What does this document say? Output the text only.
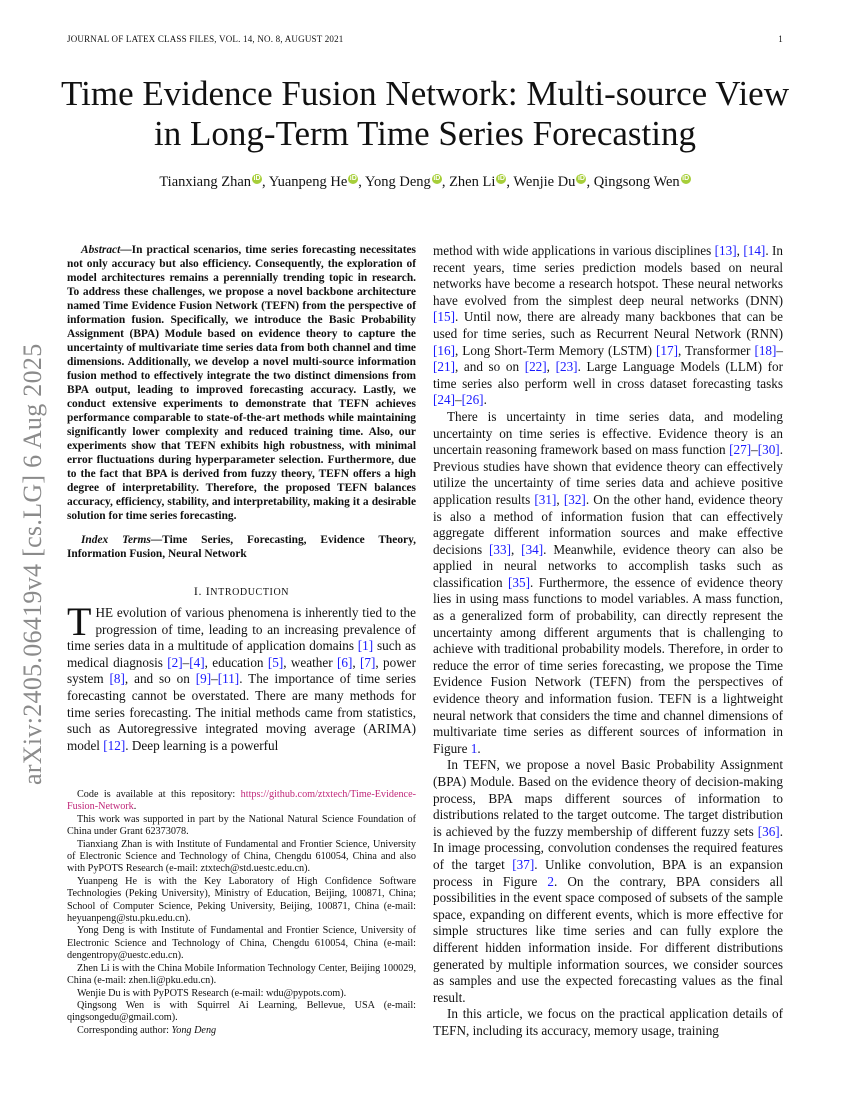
JOURNAL OF LATEX CLASS FILES, VOL. 14, NO. 8, AUGUST 2021	1
Time Evidence Fusion Network: Multi-source View
in Long-Term Time Series Forecasting
Tianxiang Zhan iD , Yuanpeng He iD , Yong Deng iD , Zhen Li iD , Wenjie Du iD , Qingsong Wen iD
arXiv:2405.06419v4 [cs.LG] 6 Aug 2025

Abstract—In practical scenarios, time series forecasting necessitates not only accuracy but also efficiency. Consequently, the exploration of model architectures remains a perennially trending topic in research. To address these challenges, we propose a novel backbone architecture named Time Evidence Fusion Network (TEFN) from the perspective of information fusion. Specifically, we introduce the Basic Probability Assignment (BPA) Module based on evidence theory to capture the uncertainty of multivariate time series data from both channel and time dimensions. Additionally, we develop a novel multi-source information fusion method to effectively integrate the two distinct dimensions from BPA output, leading to improved forecasting accuracy. Lastly, we conduct extensive experiments to demonstrate that TEFN achieves performance comparable to state-of-the-art methods while maintaining significantly lower complexity and reduced training time. Also, our experiments show that TEFN exhibits high robustness, with minimal error fluctuations during hyperparameter selection. Furthermore, due to the fact that BPA is derived from fuzzy theory, TEFN offers a high degree of interpretability. Therefore, the proposed TEFN balances accuracy, efficiency, stability, and interpretability, making it a desirable solution for time series forecasting.

Index Terms—Time Series, Forecasting, Evidence Theory, Information Fusion, Neural Network

I. INTRODUCTION

THE evolution of various phenomena is inherently tied to the progression of time, leading to an increasing prevalence of time series data in a multitude of application domains [1] such as medical diagnosis [2]–[4], education [5], weather [6], [7], power system [8], and so on [9]–[11]. The importance of time series forecasting cannot be overstated. There are many methods for time series forecasting. The initial methods came from statistics, such as Autoregressive integrated moving average (ARIMA) model [12]. Deep learning is a powerful

Code is available at this repository: https://github.com/ztxtech/Time-Evidence-Fusion-Network.

This work was supported in part by the National Natural Science Foundation of China under Grant 62373078.

Tianxiang Zhan is with Institute of Fundamental and Frontier Science, University of Electronic Science and Technology of China, Chengdu 610054, China and also with PyPOTS Research (e-mail: ztxtech@std.uestc.edu.cn).

Yuanpeng He is with the Key Laboratory of High Confidence Software Technologies (Peking University), Ministry of Education, Beijing, 100871, China; School of Computer Science, Peking University, Beijing, 100871, China (e-mail: heyuanpeng@stu.pku.edu.cn).

Yong Deng is with Institute of Fundamental and Frontier Science, University of Electronic Science and Technology of China, Chengdu 610054, China (e-mail: dengentropy@uestc.edu.cn).

Zhen Li is with the China Mobile Information Technology Center, Beijing 100029, China (e-mail: zhen.li@pku.edu.cn).

Wenjie Du is with PyPOTS Research (e-mail: wdu@pypots.com).

Qingsong Wen is with Squirrel Ai Learning, Bellevue, USA (e-mail: qingsongedu@gmail.com).

Corresponding author: Yong Deng

method with wide applications in various disciplines [13], [14]. In recent years, time series prediction models based on neural networks have become a research hotspot. These neural networks have evolved from the simplest deep neural networks (DNN) [15]. Until now, there are already many backbones that can be used for time series, such as Recurrent Neural Network (RNN) [16], Long Short-Term Memory (LSTM) [17], Transformer [18]–[21], and so on [22], [23]. Large Language Models (LLM) for time series also perform well in cross dataset forecasting tasks [24]–[26].

There is uncertainty in time series data, and modeling uncertainty on time series is effective. Evidence theory is an uncertain reasoning framework based on mass function [27]–[30]. Previous studies have shown that evidence theory can effectively utilize the uncertainty of time series data and achieve positive application results [31], [32]. On the other hand, evidence theory is also a method of information fusion that can effectively aggregate different information sources and make effective decisions [33], [34]. Meanwhile, evidence theory can also be applied in neural networks to accomplish tasks such as classification [35]. Furthermore, the essence of evidence theory lies in using mass functions to model variables. A mass function, as a generalized form of probability, can directly represent the uncertainty among different arguments that is challenging to achieve with traditional probability models. Therefore, in order to reduce the error of time series forecasting, we propose the Time Evidence Fusion Network (TEFN) from the perspectives of evidence theory and information fusion. TEFN is a lightweight neural network that considers the time and channel dimensions of multivariate time series as different sources of information in Figure 1.

In TEFN, we propose a novel Basic Probability Assignment (BPA) Module. Based on the evidence theory of decision-making process, BPA maps different sources of information to distributions related to the target outcome. The target distribution is achieved by the fuzzy membership of different fuzzy sets [36]. In image processing, convolution condenses the required features of the target [37]. Unlike convolution, BPA is an expansion process in Figure 2. On the contrary, BPA considers all possibilities in the event space composed of subsets of the sample space, expanding on different events, which is more effective for simple structures like time series and can fully explore the different hidden information inside. For different distributions generated by multiple information sources, we consider sources as samples and use the expected forecasting values as the final result.

In this article, we focus on the practical application details of TEFN, including its accuracy, memory usage, training
